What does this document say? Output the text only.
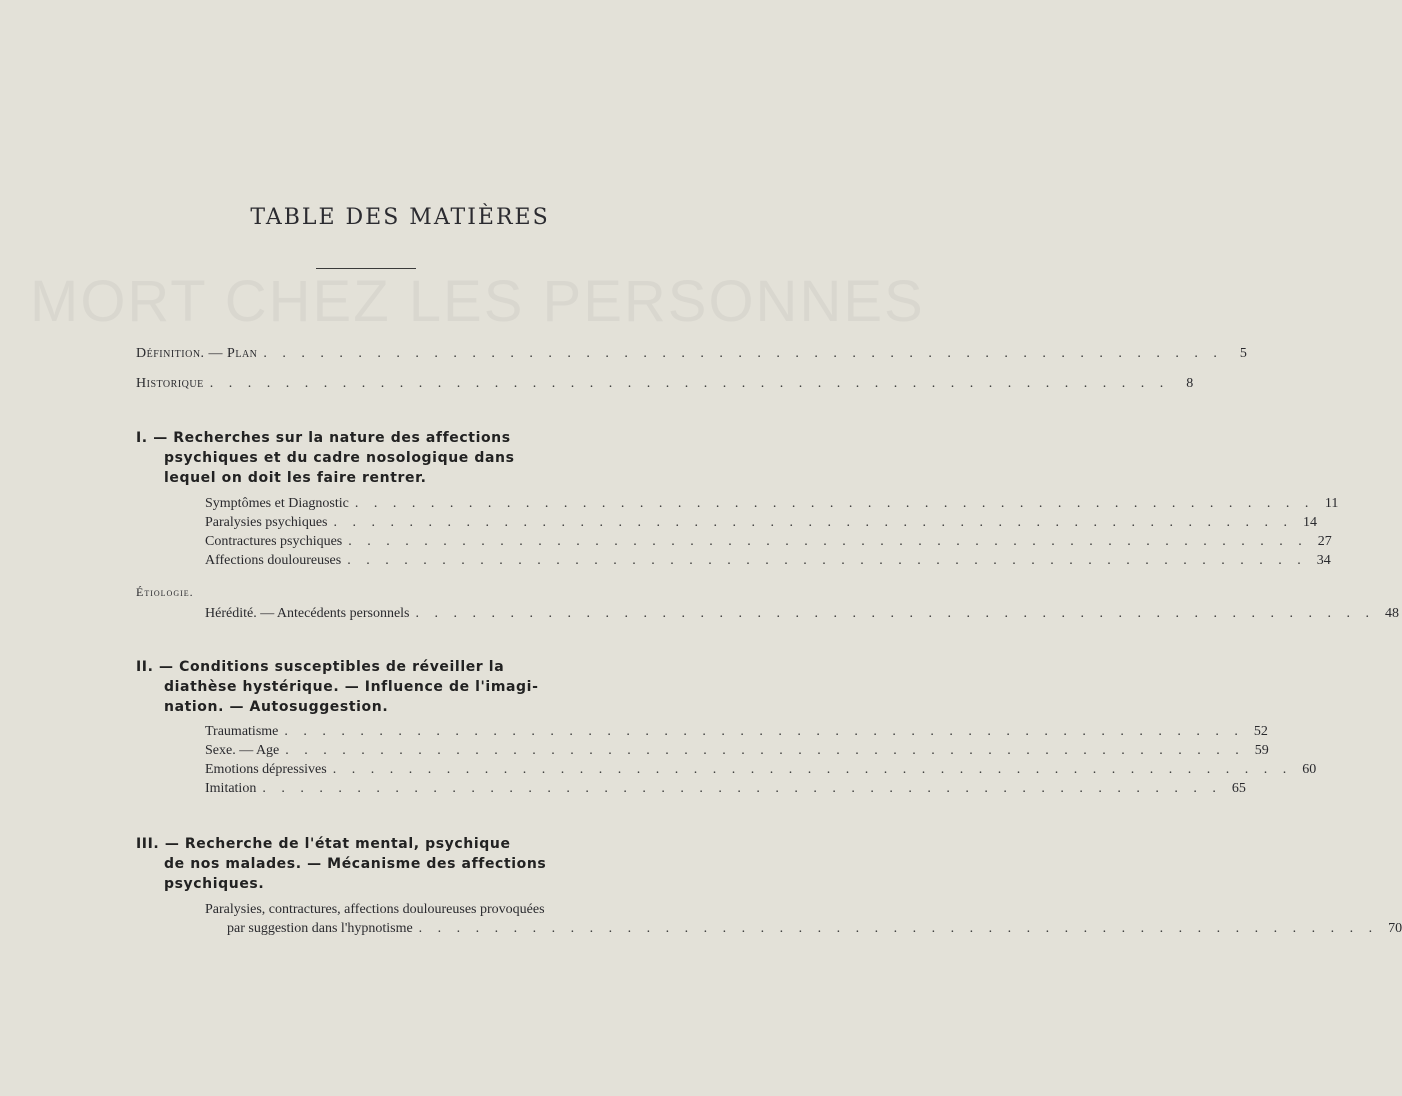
MORT CHEZ LES PERSONNES
TABLE DES MATIÈRES
Définition. — Plan . . .	5
Historique . . .	8
I. — Recherches sur la nature des affections
psychiques et du cadre nosologique dans
lequel on doit les faire rentrer.
Symptômes et Diagnostic . . .	11
Paralysies psychiques . . .	14
Contractures psychiques . . .	27
Affections douloureuses . . .	34
Étiologie.
Hérédité. — Antecédents personnels . . .	48
II. — Conditions susceptibles de réveiller la
diathèse hystérique. — Influence de l'imagi-
nation. — Autosuggestion.
Traumatisme . . .	52
Sexe. — Age . . .	59
Emotions dépressives . . .	60
Imitation . . .	65
III. — Recherche de l'état mental, psychique
de nos malades. — Mécanisme des affections
psychiques.
Paralysies, contractures, affections douloureuses provoquées
par suggestion dans l'hypnotisme . . .	70
